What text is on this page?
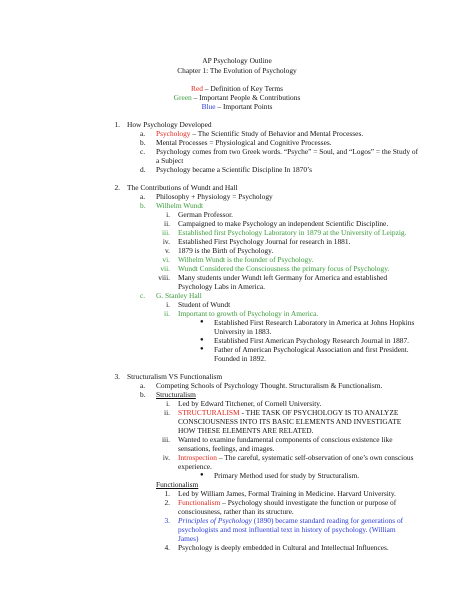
AP Psychology Outline
Chapter 1: The Evolution of Psychology
Red – Definition of Key Terms
Green – Important People & Contributions
Blue – Important Points
1. How Psychology Developed
a. Psychology – The Scientific Study of Behavior and Mental Processes.
b. Mental Processes = Physiological and Cognitive Processes.
c. Psychology comes from two Greek words. “Psyche” = Soul, and “Logos” = the Study of
a Subject
d. Psychology became a Scientific Discipline In 1870’s
2. The Contributions of Wundt and Hall
a. Philosophy + Physiology = Psychology
b. Wilhelm Wundt
i. German Professor.
ii. Campaigned to make Psychology an independent Scientific Discipline.
iii. Established first Psychology Laboratory in 1879 at the University of Leipzig.
iv. Established First Psychology Journal for research in 1881.
v. 1879 is the Birth of Psychology.
vi. Wilhelm Wundt is the founder of Psychology.
vii. Wundt Considered the Consciousness the primary focus of Psychology.
viii. Many students under Wundt left Germany for America and established
Psychology Labs in America.
c. G. Stanley Hall
i. Student of Wundt
ii. Important to growth of Psychology in America.
● Established First Research Laboratory in America at Johns Hopkins
University in 1883.
● Established First American Psychology Research Journal in 1887.
● Father of American Psychological Association and first President.
Founded in 1892.
3. Structuralism VS Functionalism
a. Competing Schools of Psychology Thought. Structuralism & Functionalism.
b. Structuralism
i. Led by Edward Titchener, of Cornell University.
ii. STRUCTURALISM - THE TASK OF PSYCHOLOGY IS TO ANALYZE
CONSCIOUSNESS INTO ITS BASIC ELEMENTS AND INVESTIGATE
HOW THESE ELEMENTS ARE RELATED.
iii. Wanted to examine fundamental components of conscious existence like
sensations, feelings, and images.
iv. Introspection – The careful, systematic self-observation of one’s own conscious
experience.
● Primary Method used for study by Structuralism.
Functionalism
1. Led by William James, Formal Training in Medicine. Harvard University.
2. Functionalism – Psychology should investigate the function or purpose of
consciousness, rather than its structure.
3. Principles of Psychology (1890) became standard reading for generations of
psychologists and most influential text in history of psychology. (William
James)
4. Psychology is deeply embedded in Cultural and Intellectual Influences.
